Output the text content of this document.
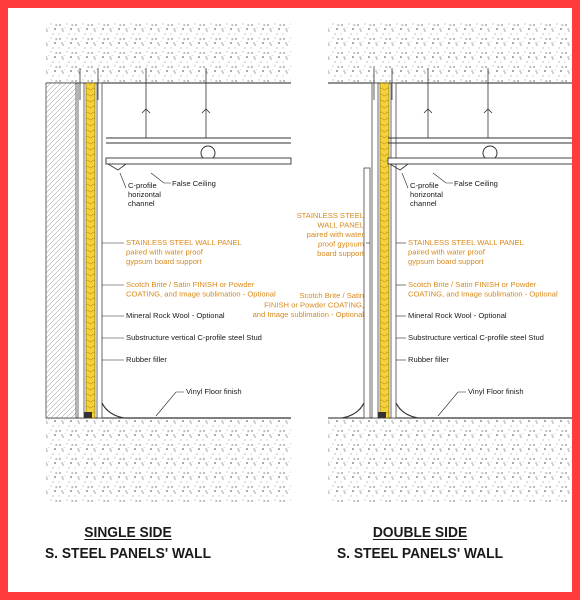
C-profile
horizontal
channel
False Ceiling
STAINLESS STEEL WALL PANEL
paired with water proof
gypsum board support
Scotch Brite / Satin FINISH or Powder
COATING, and Image sublimation - Optional
Mineral Rock Wool - Optional
Substructure vertical C-profile steel Stud
Rubber filler
Vinyl Floor finish
C-profile
horizontal
channel
False Ceiling
STAINLESS STEEL WALL PANEL
paired with water proof
gypsum board support
Scotch Brite / Satin FINISH or Powder
COATING, and Image sublimation - Optional
Mineral Rock Wool - Optional
Substructure vertical C-profile steel Stud
Rubber filler
Vinyl Floor finish
STAINLESS STEEL
WALL PANEL
paired with water
proof gypsum
board support
Scotch Brite / Satin
FINISH or Powder COATING,
and Image sublimation - Optional
SINGLE SIDE
S. STEEL PANELS' WALL
DOUBLE SIDE
S. STEEL PANELS' WALL
